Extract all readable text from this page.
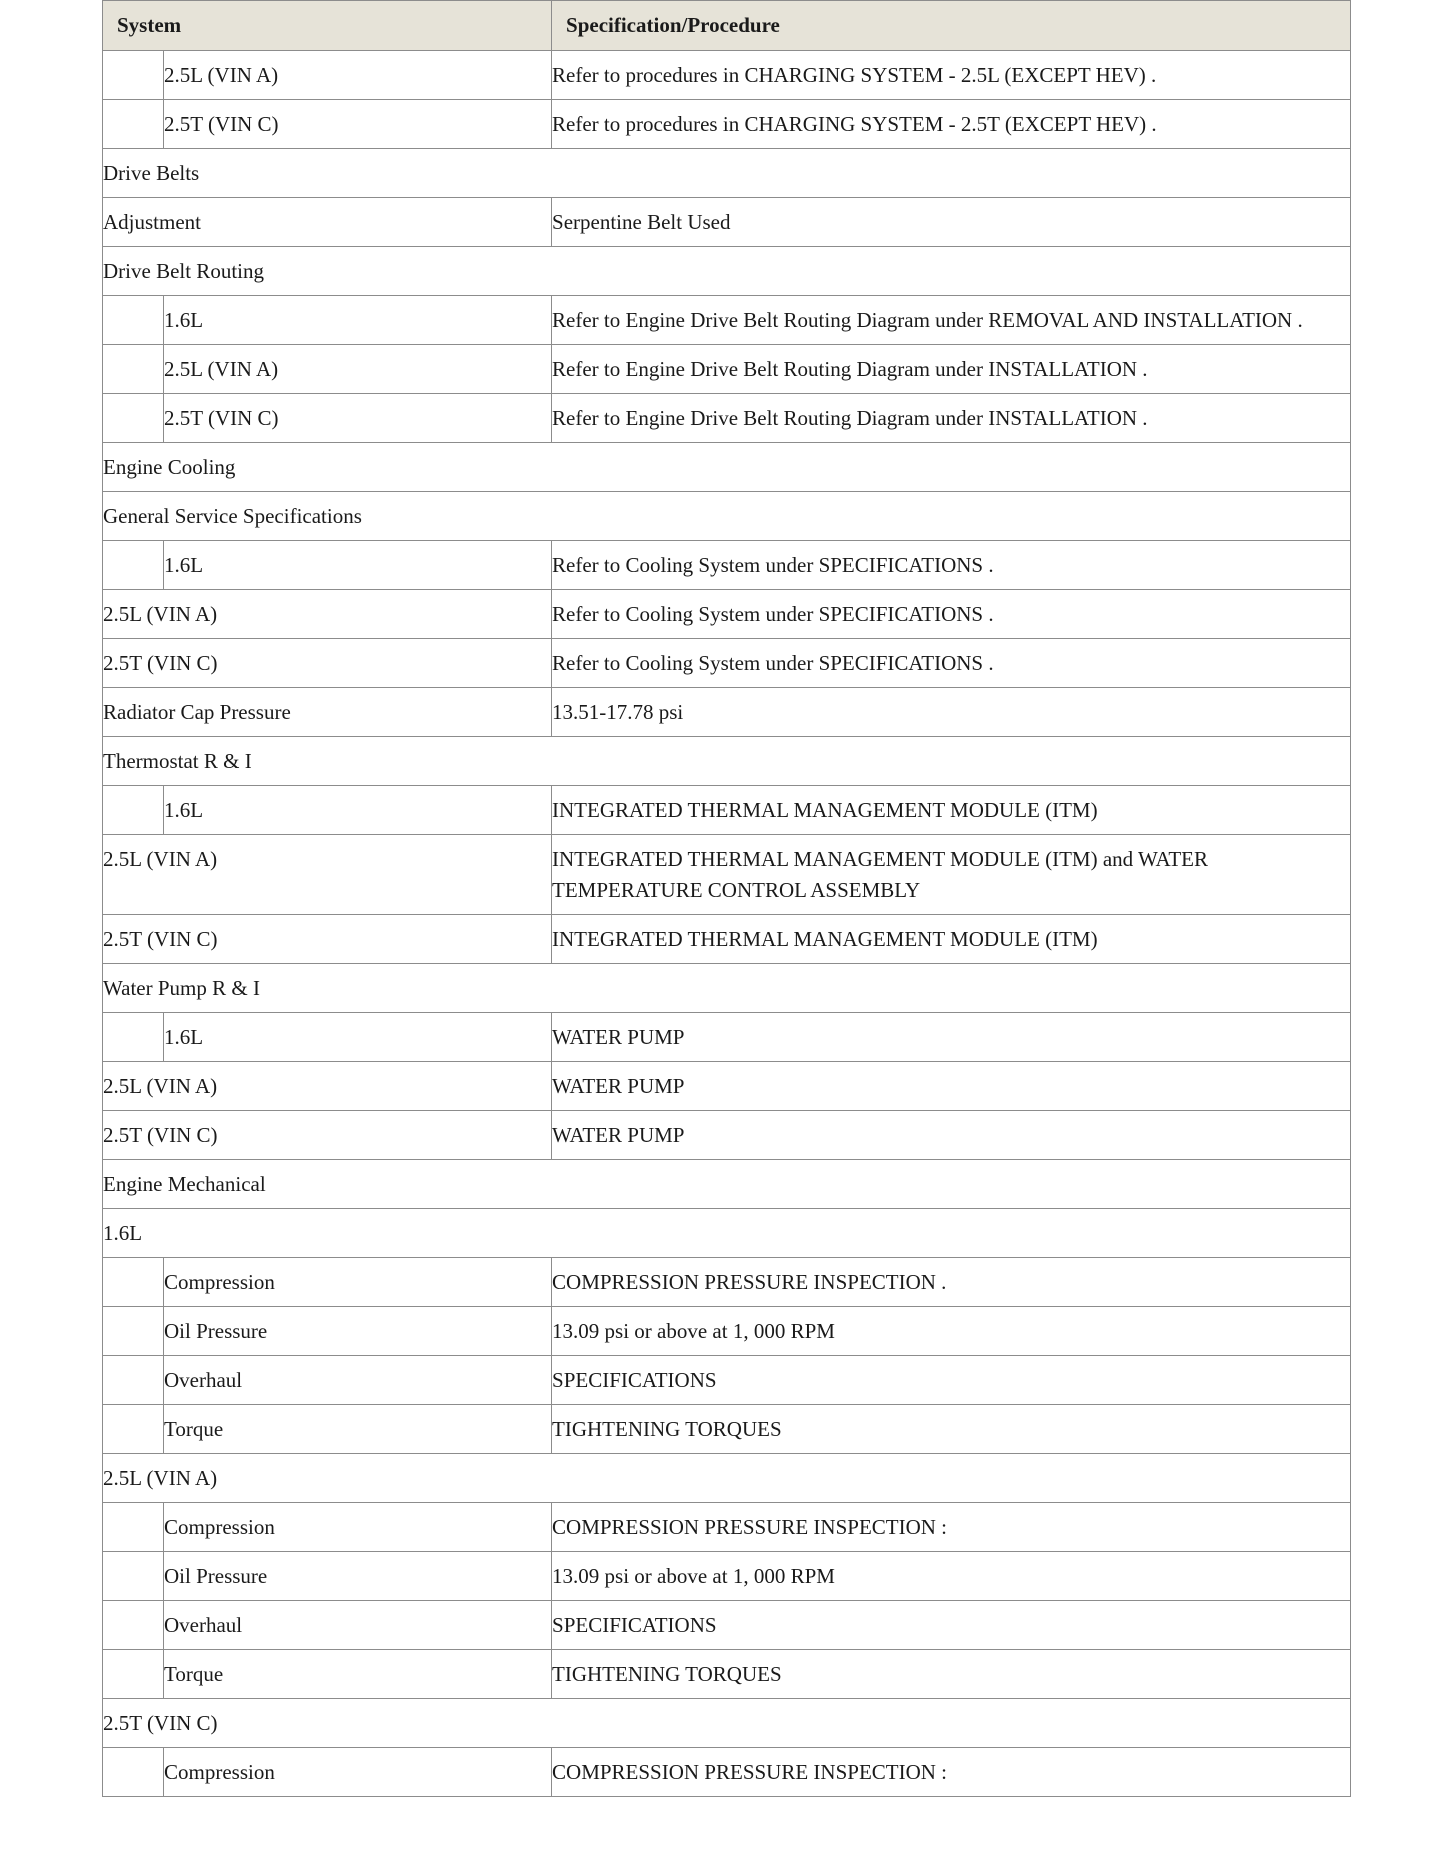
System		Specification/Procedure
	2.5L (VIN A)	Refer to procedures in CHARGING SYSTEM - 2.5L (EXCEPT HEV) .
	2.5T (VIN C)	Refer to procedures in CHARGING SYSTEM - 2.5T (EXCEPT HEV) .
Drive Belts		
Adjustment		Serpentine Belt Used
Drive Belt Routing		
	1.6L	Refer to Engine Drive Belt Routing Diagram under REMOVAL AND INSTALLATION .
	2.5L (VIN A)	Refer to Engine Drive Belt Routing Diagram under INSTALLATION .
	2.5T (VIN C)	Refer to Engine Drive Belt Routing Diagram under INSTALLATION .
Engine Cooling		
General Service Specifications		
	1.6L	Refer to Cooling System under SPECIFICATIONS .
2.5L (VIN A)		Refer to Cooling System under SPECIFICATIONS .
2.5T (VIN C)		Refer to Cooling System under SPECIFICATIONS .
Radiator Cap Pressure		13.51-17.78 psi
Thermostat R & I		
	1.6L	INTEGRATED THERMAL MANAGEMENT MODULE (ITM)
2.5L (VIN A)		INTEGRATED THERMAL MANAGEMENT MODULE (ITM) and WATER TEMPERATURE CONTROL ASSEMBLY
2.5T (VIN C)		INTEGRATED THERMAL MANAGEMENT MODULE (ITM)
Water Pump R & I		
	1.6L	WATER PUMP
2.5L (VIN A)		WATER PUMP
2.5T (VIN C)		WATER PUMP
Engine Mechanical		
1.6L		
	Compression	COMPRESSION PRESSURE INSPECTION .
	Oil Pressure	13.09 psi or above at 1, 000 RPM
	Overhaul	SPECIFICATIONS
	Torque	TIGHTENING TORQUES
2.5L (VIN A)		
	Compression	COMPRESSION PRESSURE INSPECTION :
	Oil Pressure	13.09 psi or above at 1, 000 RPM
	Overhaul	SPECIFICATIONS
	Torque	TIGHTENING TORQUES
2.5T (VIN C)		
	Compression	COMPRESSION PRESSURE INSPECTION :
